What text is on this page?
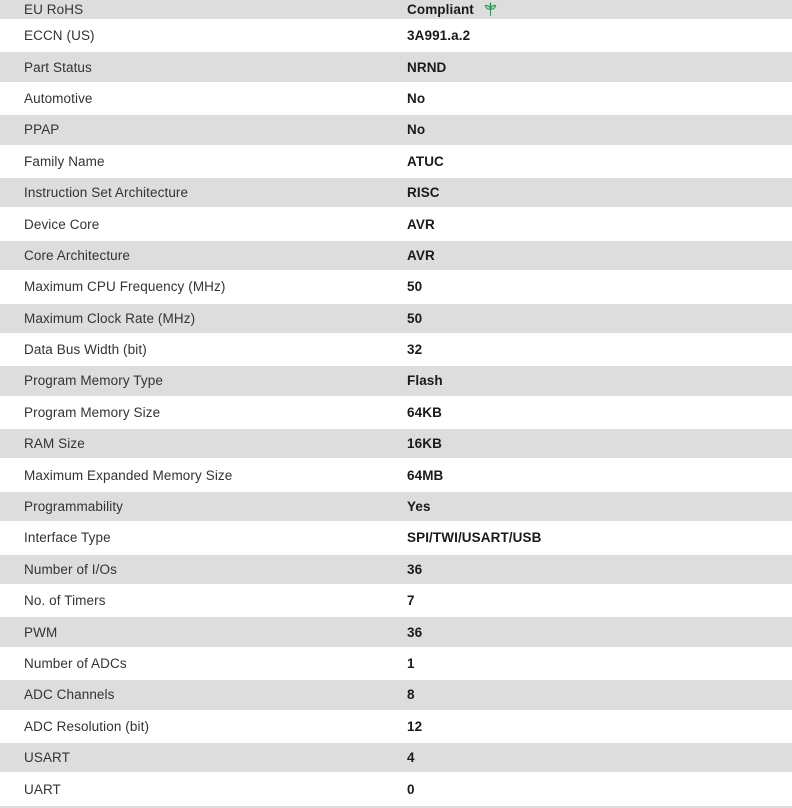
EU RoHS	Compliant
ECCN (US)	3A991.a.2
Part Status	NRND
Automotive	No
PPAP	No
Family Name	ATUC
Instruction Set Architecture	RISC
Device Core	AVR
Core Architecture	AVR
Maximum CPU Frequency (MHz)	50
Maximum Clock Rate (MHz)	50
Data Bus Width (bit)	32
Program Memory Type	Flash
Program Memory Size	64KB
RAM Size	16KB
Maximum Expanded Memory Size	64MB
Programmability	Yes
Interface Type	SPI/TWI/USART/USB
Number of I/Os	36
No. of Timers	7
PWM	36
Number of ADCs	1
ADC Channels	8
ADC Resolution (bit)	12
USART	4
UART	0
